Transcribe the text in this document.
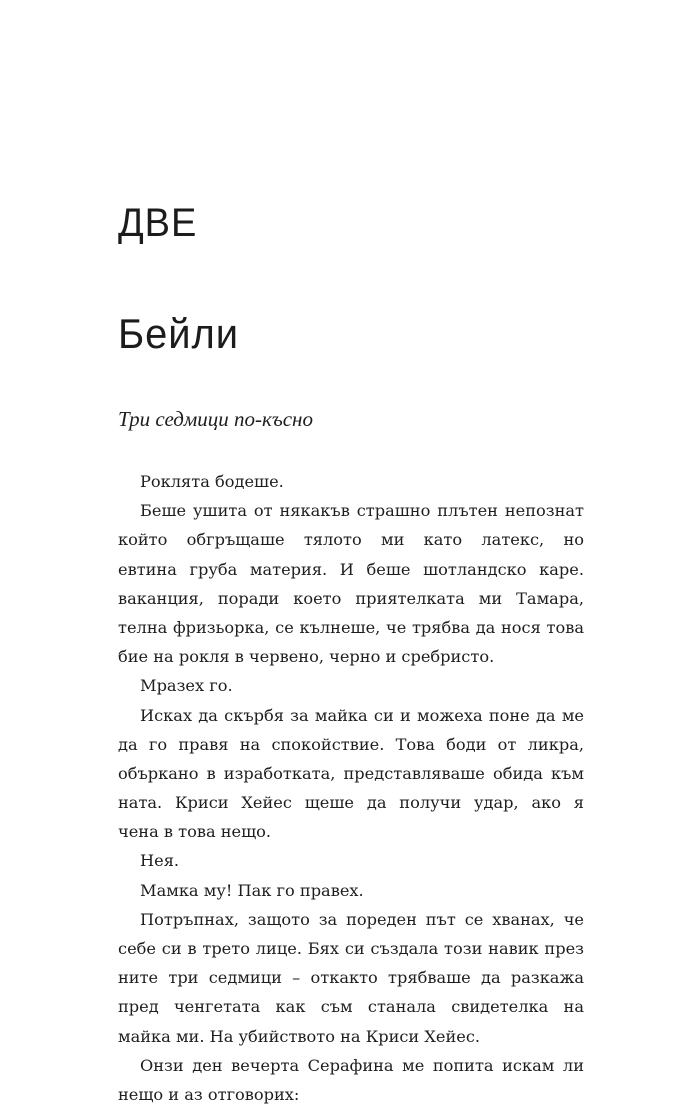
ДВЕ
Бейли

Три седмици по-късно

Роклята бодеше.
Беше ушита от някакъв страшно плътен непознат
който обгръщаше тялото ми като латекс, но
евтина груба материя. И беше шотландско каре.
ваканция, поради което приятелката ми Тамара,
телна фризьорка, се кълнеше, че трябва да нося това
бие на рокля в червено, черно и сребристо.
Мразех го.
Исках да скърбя за майка си и можеха поне да ме
да го правя на спокойствие. Това боди от ликра,
объркано в изработката, представляваше обида към
ната. Криси Хейес щеше да получи удар, ако я
чена в това нещо.
Нея.
Мамка му! Пак го правех.
Потръпнах, защото за пореден път се хванах, че
себе си в трето лице. Бях си създала този навик през
ните три седмици – откакто трябваше да разкажа
пред ченгетата как съм станала свидетелка на
майка ми. На убийството на Криси Хейес.
Онзи ден вечерта Серафина ме попита искам ли
нещо и аз отговорих:
